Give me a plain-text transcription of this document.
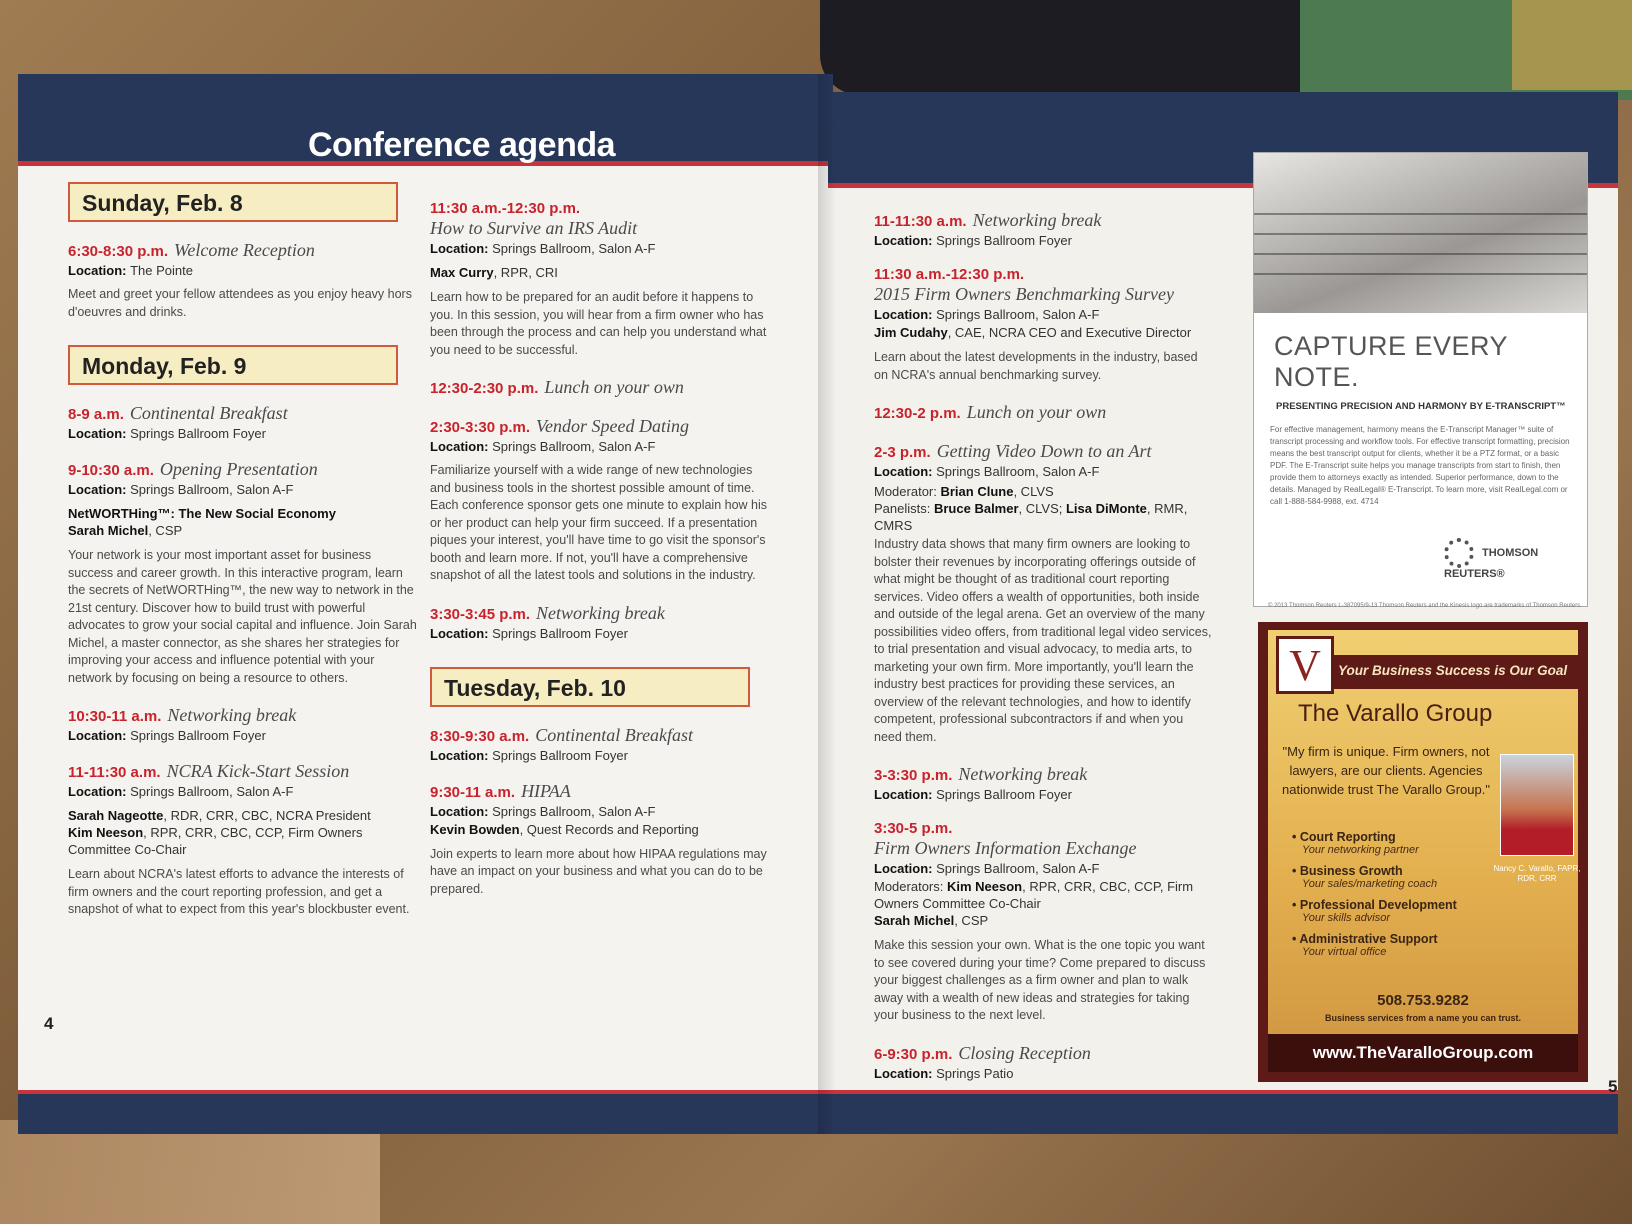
Conference agenda
4
Sunday, Feb. 8
6:30-8:30 p.m. Welcome Reception
Location: The Pointe
Meet and greet your fellow attendees as you enjoy heavy hors d'oeuvres and drinks.
Monday, Feb. 9
8-9 a.m. Continental Breakfast
Location: Springs Ballroom Foyer
9-10:30 a.m. Opening Presentation
Location: Springs Ballroom, Salon A-F
NetWORTHing™: The New Social Economy
Sarah Michel, CSP
Your network is your most important asset for business success and career growth. In this interactive program, learn the secrets of NetWORTHing™, the new way to network in the 21st century. Discover how to build trust with powerful advocates to grow your social capital and influence. Join Sarah Michel, a master connector, as she shares her strategies for improving your access and influence potential with your network by focusing on being a resource to others.
10:30-11 a.m. Networking break
Location: Springs Ballroom Foyer
11-11:30 a.m. NCRA Kick-Start Session
Location: Springs Ballroom, Salon A-F
Sarah Nageotte, RDR, CRR, CBC, NCRA President
Kim Neeson, RPR, CRR, CBC, CCP, Firm Owners Committee Co-Chair
Learn about NCRA's latest efforts to advance the interests of firm owners and the court reporting profession, and get a snapshot of what to expect from this year's blockbuster event.
11:30 a.m.-12:30 p.m.
How to Survive an IRS Audit
Location: Springs Ballroom, Salon A-F
Max Curry, RPR, CRI
Learn how to be prepared for an audit before it happens to you. In this session, you will hear from a firm owner who has been through the process and can help you understand what you need to be successful.
12:30-2:30 p.m. Lunch on your own
2:30-3:30 p.m. Vendor Speed Dating
Location: Springs Ballroom, Salon A-F
Familiarize yourself with a wide range of new technologies and business tools in the shortest possible amount of time. Each conference sponsor gets one minute to explain how his or her product can help your firm succeed. If a presentation piques your interest, you'll have time to go visit the sponsor's booth and learn more. If not, you'll have a comprehensive snapshot of all the latest tools and solutions in the industry.
3:30-3:45 p.m. Networking break
Location: Springs Ballroom Foyer
Tuesday, Feb. 10
8:30-9:30 a.m. Continental Breakfast
Location: Springs Ballroom Foyer
9:30-11 a.m. HIPAA
Location: Springs Ballroom, Salon A-F
Kevin Bowden, Quest Records and Reporting
Join experts to learn more about how HIPAA regulations may have an impact on your business and what you can do to be prepared.
5
11-11:30 a.m. Networking break
Location: Springs Ballroom Foyer
11:30 a.m.-12:30 p.m.
2015 Firm Owners Benchmarking Survey
Location: Springs Ballroom, Salon A-F
Jim Cudahy, CAE, NCRA CEO and Executive Director
Learn about the latest developments in the industry, based on NCRA's annual benchmarking survey.
12:30-2 p.m. Lunch on your own
2-3 p.m. Getting Video Down to an Art
Location: Springs Ballroom, Salon A-F
Moderator: Brian Clune, CLVS
Panelists: Bruce Balmer, CLVS; Lisa DiMonte, RMR, CMRS
Industry data shows that many firm owners are looking to bolster their revenues by incorporating offerings outside of what might be thought of as traditional court reporting services. Video offers a wealth of opportunities, both inside and outside of the legal arena. Get an overview of the many possibilities video offers, from traditional legal video services, to trial presentation and visual advocacy, to media arts, to marketing your own firm. More importantly, you'll learn the industry best practices for providing these services, an overview of the relevant technologies, and how to identify competent, professional subcontractors if and when you need them.
3-3:30 p.m. Networking break
Location: Springs Ballroom Foyer
3:30-5 p.m.
Firm Owners Information Exchange
Location: Springs Ballroom, Salon A-F
Moderators: Kim Neeson, RPR, CRR, CBC, CCP, Firm Owners Committee Co-Chair
Sarah Michel, CSP
Make this session your own. What is the one topic you want to see covered during your time? Come prepared to discuss your biggest challenges as a firm owner and plan to walk away with a wealth of new ideas and strategies for taking your business to the next level.
6-9:30 p.m. Closing Reception
Location: Springs Patio
CAPTURE EVERY NOTE.
PRESENTING PRECISION AND HARMONY BY E-TRANSCRIPT™
For effective management, harmony means the E-Transcript Manager™ suite of transcript processing and workflow tools. For effective transcript formatting, precision means the best transcript output for clients, whether it be a PTZ format, or a basic PDF. The E-Transcript suite helps you manage transcripts from start to finish, then provide them to attorneys exactly as intended. Superior performance, down to the details. Managed by RealLegal® E-Transcript. To learn more, visit RealLegal.com or call 1-888-584-9988, ext. 4714
THOMSON REUTERS®
© 2013 Thomson Reuters L-387095/9-13 Thomson Reuters and the Kinesis logo are trademarks of Thomson Reuters.
Your Business Success is Our Goal
V
The Varallo Group
"My firm is unique. Firm owners, not lawyers, are our clients. Agencies nationwide trust The Varallo Group."
Nancy C. Varallo, FAPR, RDR, CRR
• Court Reporting
Your networking partner
• Business Growth
Your sales/marketing coach
• Professional Development
Your skills advisor
• Administrative Support
Your virtual office
508.753.9282
Business services from a name you can trust.
www.TheVaralloGroup.com
